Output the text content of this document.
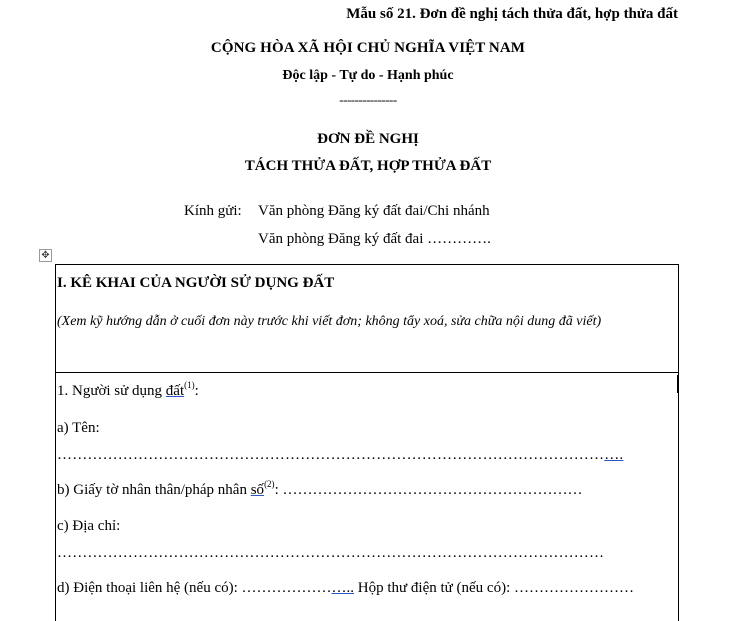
Mẫu số 21. Đơn đề nghị tách thửa đất, hợp thửa đất
CỘNG HÒA XÃ HỘI CHỦ NGHĨA VIỆT NAM
Độc lập - Tự do - Hạnh phúc
---------------
ĐƠN ĐỀ NGHỊ
TÁCH THỬA ĐẤT, HỢP THỬA ĐẤT
Kính gửi: Văn phòng Đăng ký đất đai/Chi nhánh
Văn phòng Đăng ký đất đai ………….
✥
I. KÊ KHAI CỦA NGƯỜI SỬ DỤNG ĐẤT
(Xem kỹ hướng dẫn ở cuối đơn này trước khi viết đơn; không tẩy xoá, sửa chữa nội dung đã viết)
1. Người sử dụng đất$^{(1)}$:
a) Tên:
………………………………………………………………………………………………….
b) Giấy tờ nhân thân/pháp nhân số$^{(2)}$: ……………………………………………………
c) Địa chỉ:
………………………………………………………………………………………………
d) Điện thoại liên hệ (nếu có): ………………….. Hộp thư điện tử (nếu có): ……………………
